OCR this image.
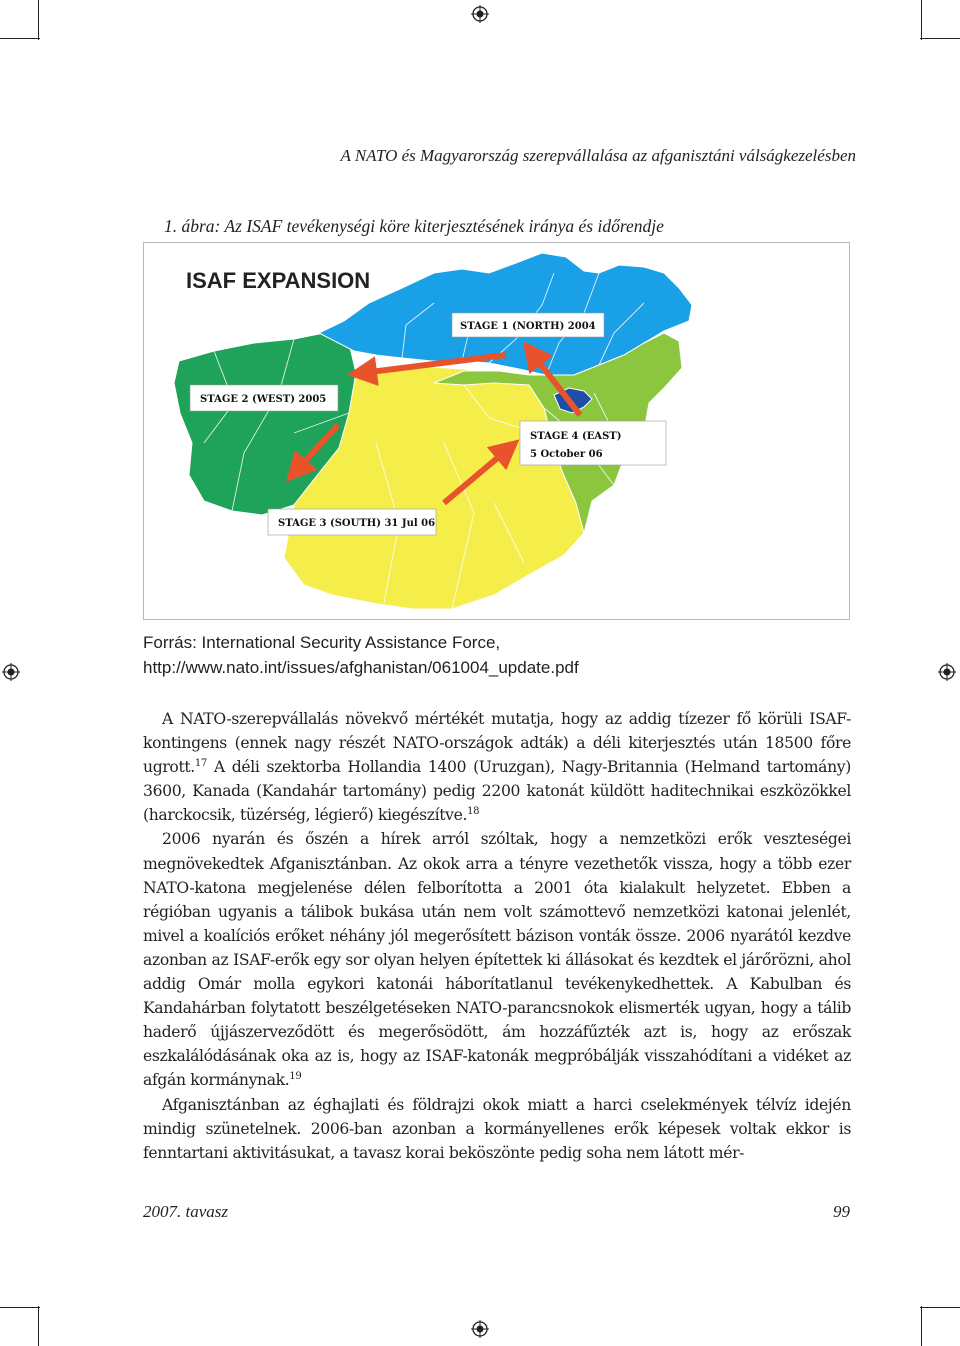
A NATO és Magyarország szerepvállalása az afganisztáni válságkezelésben
1. ábra: Az ISAF tevékenységi köre kiterjesztésének iránya és időrendje
ISAF EXPANSION
STAGE 1 (NORTH) 2004
STAGE 2 (WEST) 2005
STAGE 4 (EAST)
5 October 06
STAGE 3 (SOUTH) 31 Jul 06
Forrás: International Security Assistance Force,
http://www.nato.int/issues/afghanistan/061004_update.pdf

A NATO-szerepvállalás növekvő mértékét mutatja, hogy az addig tízezer fő körüli ISAF-kontingens (ennek nagy részét NATO-országok adták) a déli kiterjesztés után 18500 főre ugrott.$^{17}$ A déli szektorba Hollandia 1400 (Uruzgan), Nagy-Britannia (Helmand tartomány) 3600, Kanada (Kandahár tartomány) pedig 2200 katonát küldött haditechnikai eszközökkel (harckocsik, tüzérség, légierő) kiegészítve.$^{18}$

2006 nyarán és őszén a hírek arról szóltak, hogy a nemzetközi erők veszteségei megnövekedtek Afganisztánban. Az okok arra a tényre vezethetők vissza, hogy a több ezer NATO-katona megjelenése délen felborította a 2001 óta kialakult helyzetet. Ebben a régióban ugyanis a tálibok bukása után nem volt számottevő nemzetközi katonai jelenlét, mivel a koalíciós erőket néhány jól megerősített bázison vonták össze. 2006 nyarától kezdve azonban az ISAF-erők egy sor olyan helyen építettek ki állásokat és kezdtek el járőrözni, ahol addig Omár molla egykori katonái háborítatlanul tevékenykedhettek. A Kabulban és Kandahárban folytatott beszélgetéseken NATO-parancsnokok elismerték ugyan, hogy a tálib haderő újjászerveződött és megerősödött, ám hozzáfűzték azt is, hogy az erőszak eszkalálódásának oka az is, hogy az ISAF-katonák megpróbálják visszahódítani a vidéket az afgán kormánynak.$^{19}$

Afganisztánban az éghajlati és földrajzi okok miatt a harci cselekmények télvíz idején mindig szünetelnek. 2006-ban azonban a kormányellenes erők képesek voltak ekkor is fenntartani aktivitásukat, a tavasz korai beköszönte pedig soha nem látott mér-

2007. tavasz	99
